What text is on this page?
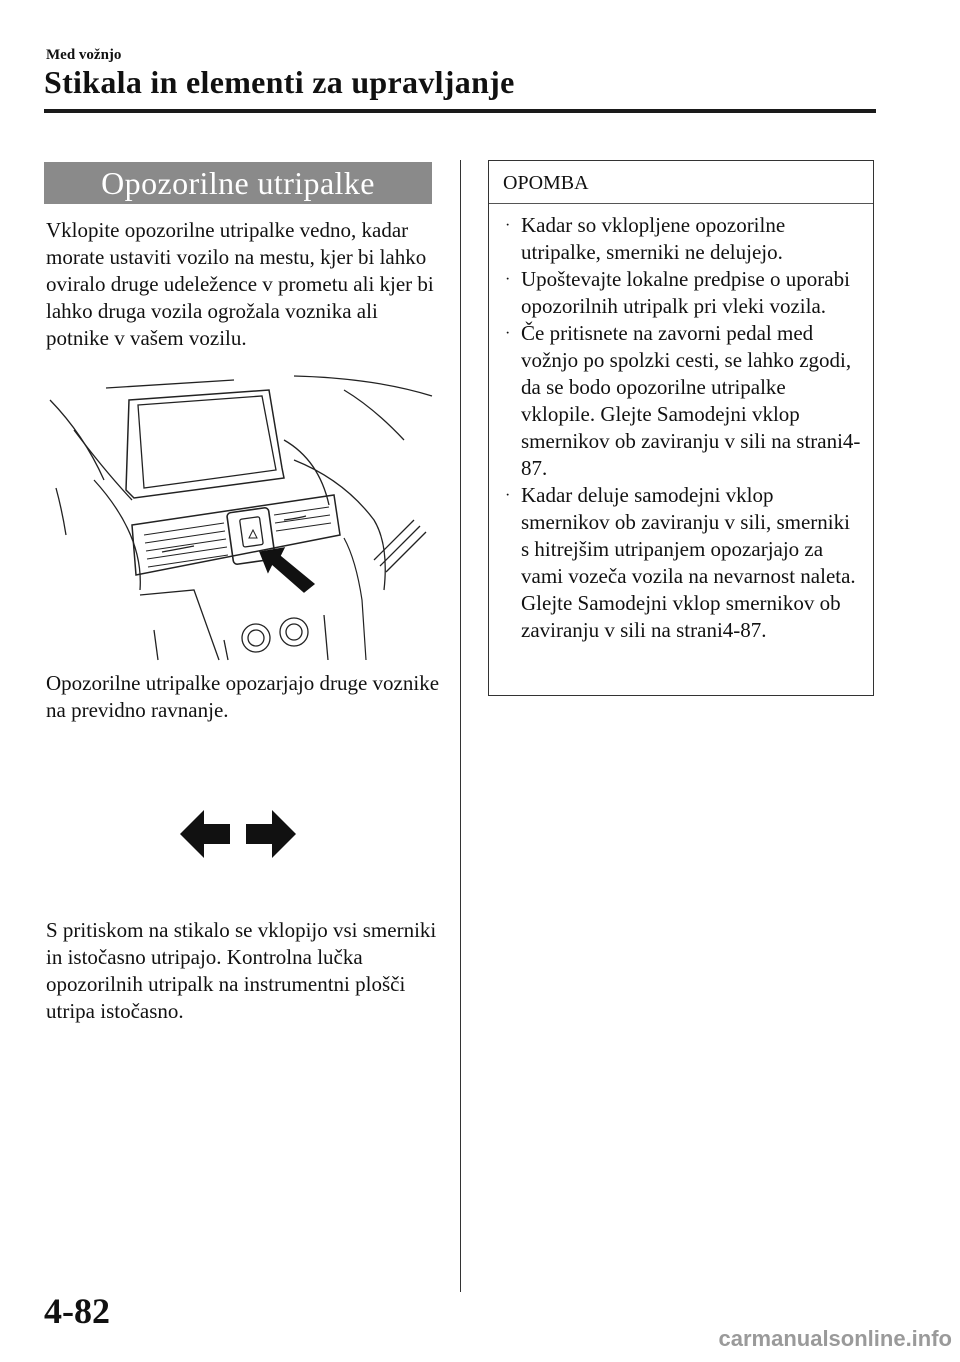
Med vožnjo
Stikala in elementi za upravljanje
Opozorilne utripalke

Vklopite opozorilne utripalke vedno, kadar morate ustaviti vozilo na mestu, kjer bi lahko oviralo druge udeležence v prometu ali kjer bi lahko druga vozila ogrožala voznika ali potnike v vašem vozilu.

Opozorilne utripalke opozarjajo druge voznike na previdno ravnanje.

S pritiskom na stikalo se vklopijo vsi smerniki in istočasno utripajo. Kontrolna lučka opozorilnih utripalk na instrumentni plošči utripa istočasno.

OPOMBA
· Kadar so vklopljene opozorilne utripalke, smerniki ne delujejo.
· Upoštevajte lokalne predpise o uporabi opozorilnih utripalk pri vleki vozila.
· Če pritisnete na zavorni pedal med vožnjo po spolzki cesti, se lahko zgodi, da se bodo opozorilne utripalke vklopile. Glejte Samodejni vklop smernikov ob zaviranju v sili na strani4-87.
· Kadar deluje samodejni vklop smernikov ob zaviranju v sili, smerniki s hitrejšim utripanjem opozarjajo za vami vozeča vozila na nevarnost naleta. Glejte Samodejni vklop smernikov ob zaviranju v sili na strani4-87.
4-82
carmanualsonline.info
